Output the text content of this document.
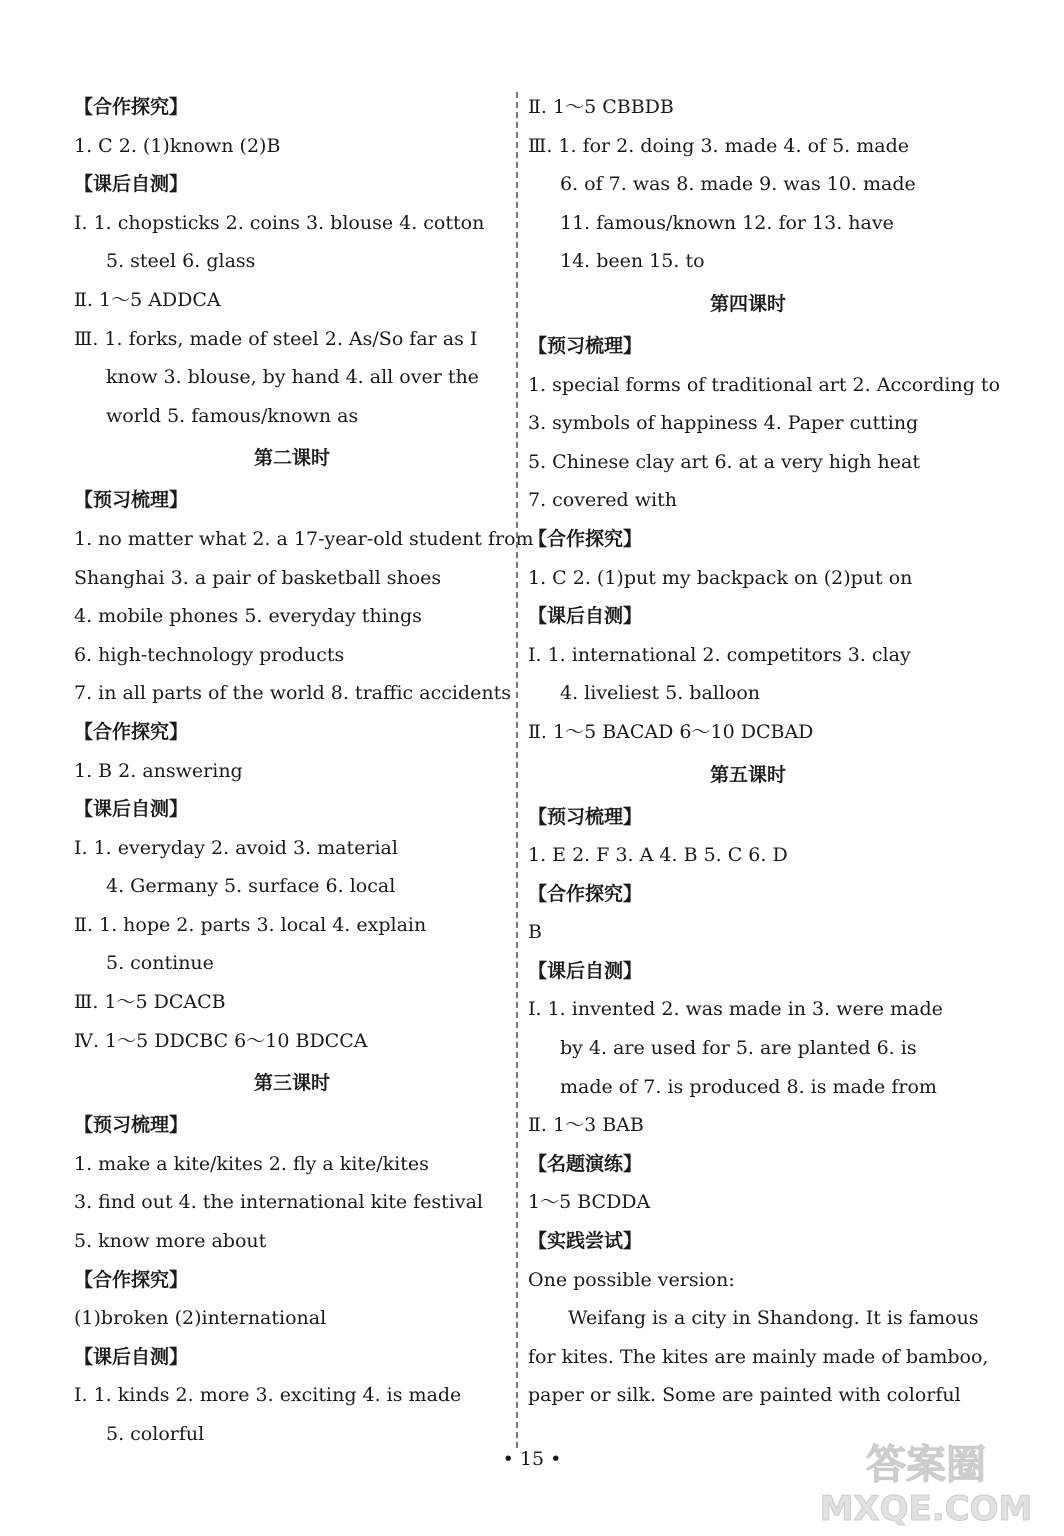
【合作探究】
1. C 2. (1)known (2)B
【课后自测】
Ⅰ. 1. chopsticks 2. coins 3. blouse 4. cotton
5. steel 6. glass
Ⅱ. 1～5 ADDCA
Ⅲ. 1. forks, made of steel 2. As/So far as I
know 3. blouse, by hand 4. all over the
world 5. famous/known as
第二课时
【预习梳理】
1. no matter what 2. a 17-year-old student from
Shanghai 3. a pair of basketball shoes
4. mobile phones 5. everyday things
6. high-technology products
7. in all parts of the world 8. traffic accidents
【合作探究】
1. B 2. answering
【课后自测】
Ⅰ. 1. everyday 2. avoid 3. material
4. Germany 5. surface 6. local
Ⅱ. 1. hope 2. parts 3. local 4. explain
5. continue
Ⅲ. 1～5 DCACB
Ⅳ. 1～5 DDCBC 6～10 BDCCA
第三课时
【预习梳理】
1. make a kite/kites 2. fly a kite/kites
3. find out 4. the international kite festival
5. know more about
【合作探究】
(1)broken (2)international
【课后自测】
Ⅰ. 1. kinds 2. more 3. exciting 4. is made
5. colorful
Ⅱ. 1～5 CBBDB
Ⅲ. 1. for 2. doing 3. made 4. of 5. made
6. of 7. was 8. made 9. was 10. made
11. famous/known 12. for 13. have
14. been 15. to
第四课时
【预习梳理】
1. special forms of traditional art 2. According to
3. symbols of happiness 4. Paper cutting
5. Chinese clay art 6. at a very high heat
7. covered with
【合作探究】
1. C 2. (1)put my backpack on (2)put on
【课后自测】
Ⅰ. 1. international 2. competitors 3. clay
4. liveliest 5. balloon
Ⅱ. 1～5 BACAD 6～10 DCBAD
第五课时
【预习梳理】
1. E 2. F 3. A 4. B 5. C 6. D
【合作探究】
B
【课后自测】
Ⅰ. 1. invented 2. was made in 3. were made
by 4. are used for 5. are planted 6. is
made of 7. is produced 8. is made from
Ⅱ. 1～3 BAB
【名题演练】
1～5 BCDDA
【实践尝试】
One possible version:
Weifang is a city in Shandong. It is famous
for kites. The kites are mainly made of bamboo,
paper or silk. Some are painted with colorful
• 15 •	答案圈
MXQE.COM
